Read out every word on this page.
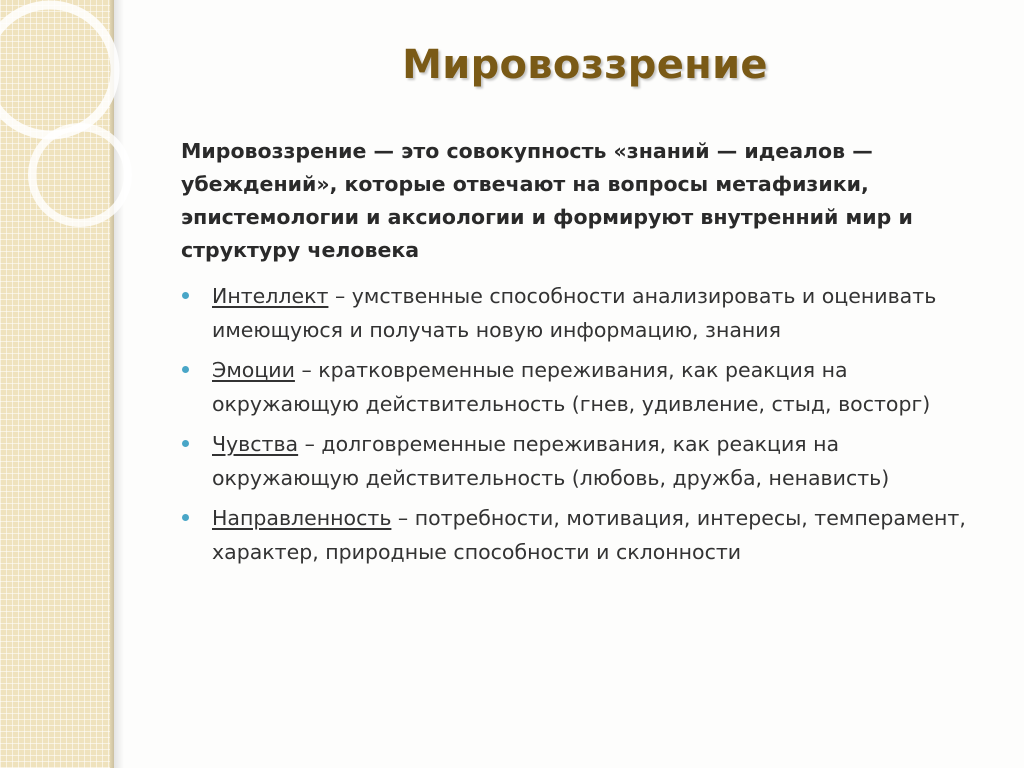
Мировоззрение
Мировоззрение — это совокупность «знаний — идеалов — убеждений», которые отвечают на вопросы метафизики, эпистемологии и аксиологии и формируют внутренний мир и структуру человека
Интеллект – умственные способности анализировать и оценивать имеющуюся и получать новую информацию, знания
Эмоции – кратковременные переживания, как реакция на окружающую действительность (гнев, удивление, стыд, восторг)
Чувства – долговременные переживания, как реакция на окружающую действительность (любовь, дружба, ненависть)
Направленность – потребности, мотивация, интересы, темперамент, характер, природные способности и склонности
